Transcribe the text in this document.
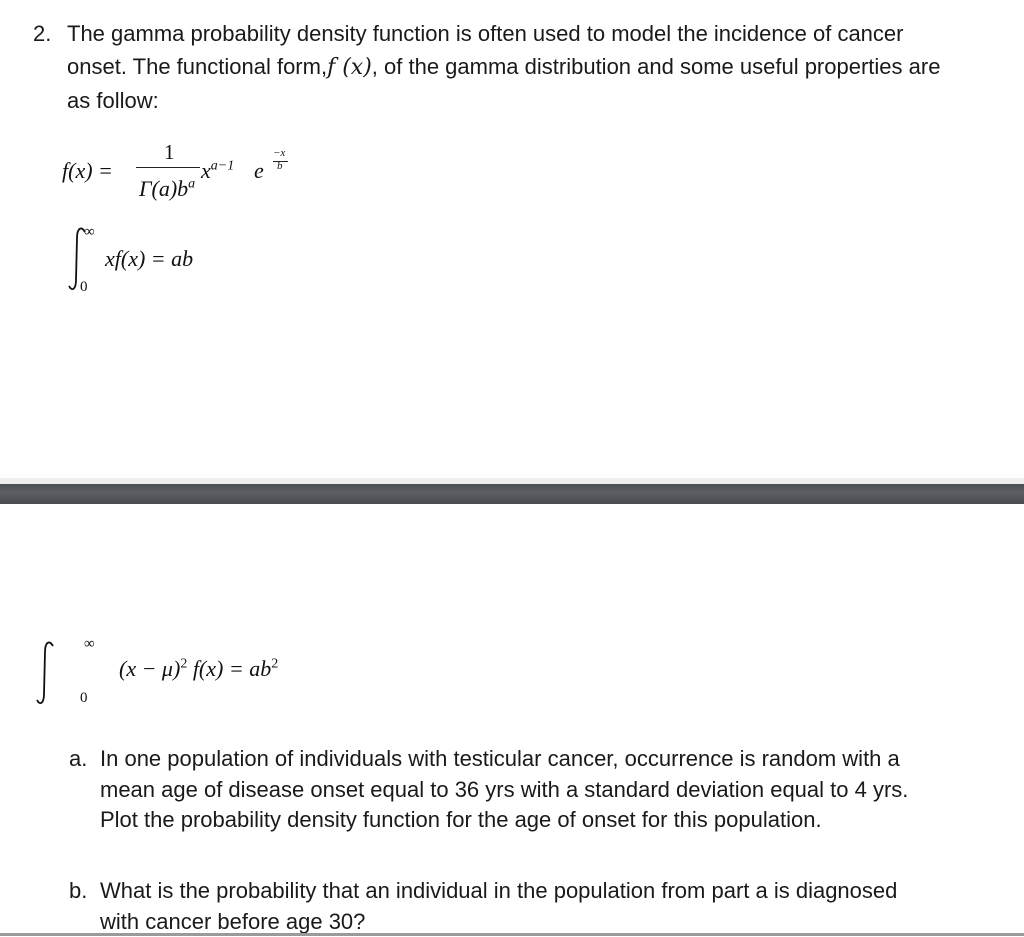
2. The gamma probability density function is often used to model the incidence of cancer onset. The functional form,f (x), of the gamma distribution and some useful properties are as follow:
f(x) =
1
$\Gamma(a)b^a$
$x^{a-1}$ e
−x
b
∞
0
xf(x) = ab
∞
0
$(x - \mu)^2$ $f(x) = ab^2$
a. In one population of individuals with testicular cancer, occurrence is random with a mean age of disease onset equal to 36 yrs with a standard deviation equal to 4 yrs. Plot the probability density function for the age of onset for this population.
b. What is the probability that an individual in the population from part a is diagnosed with cancer before age 30?
